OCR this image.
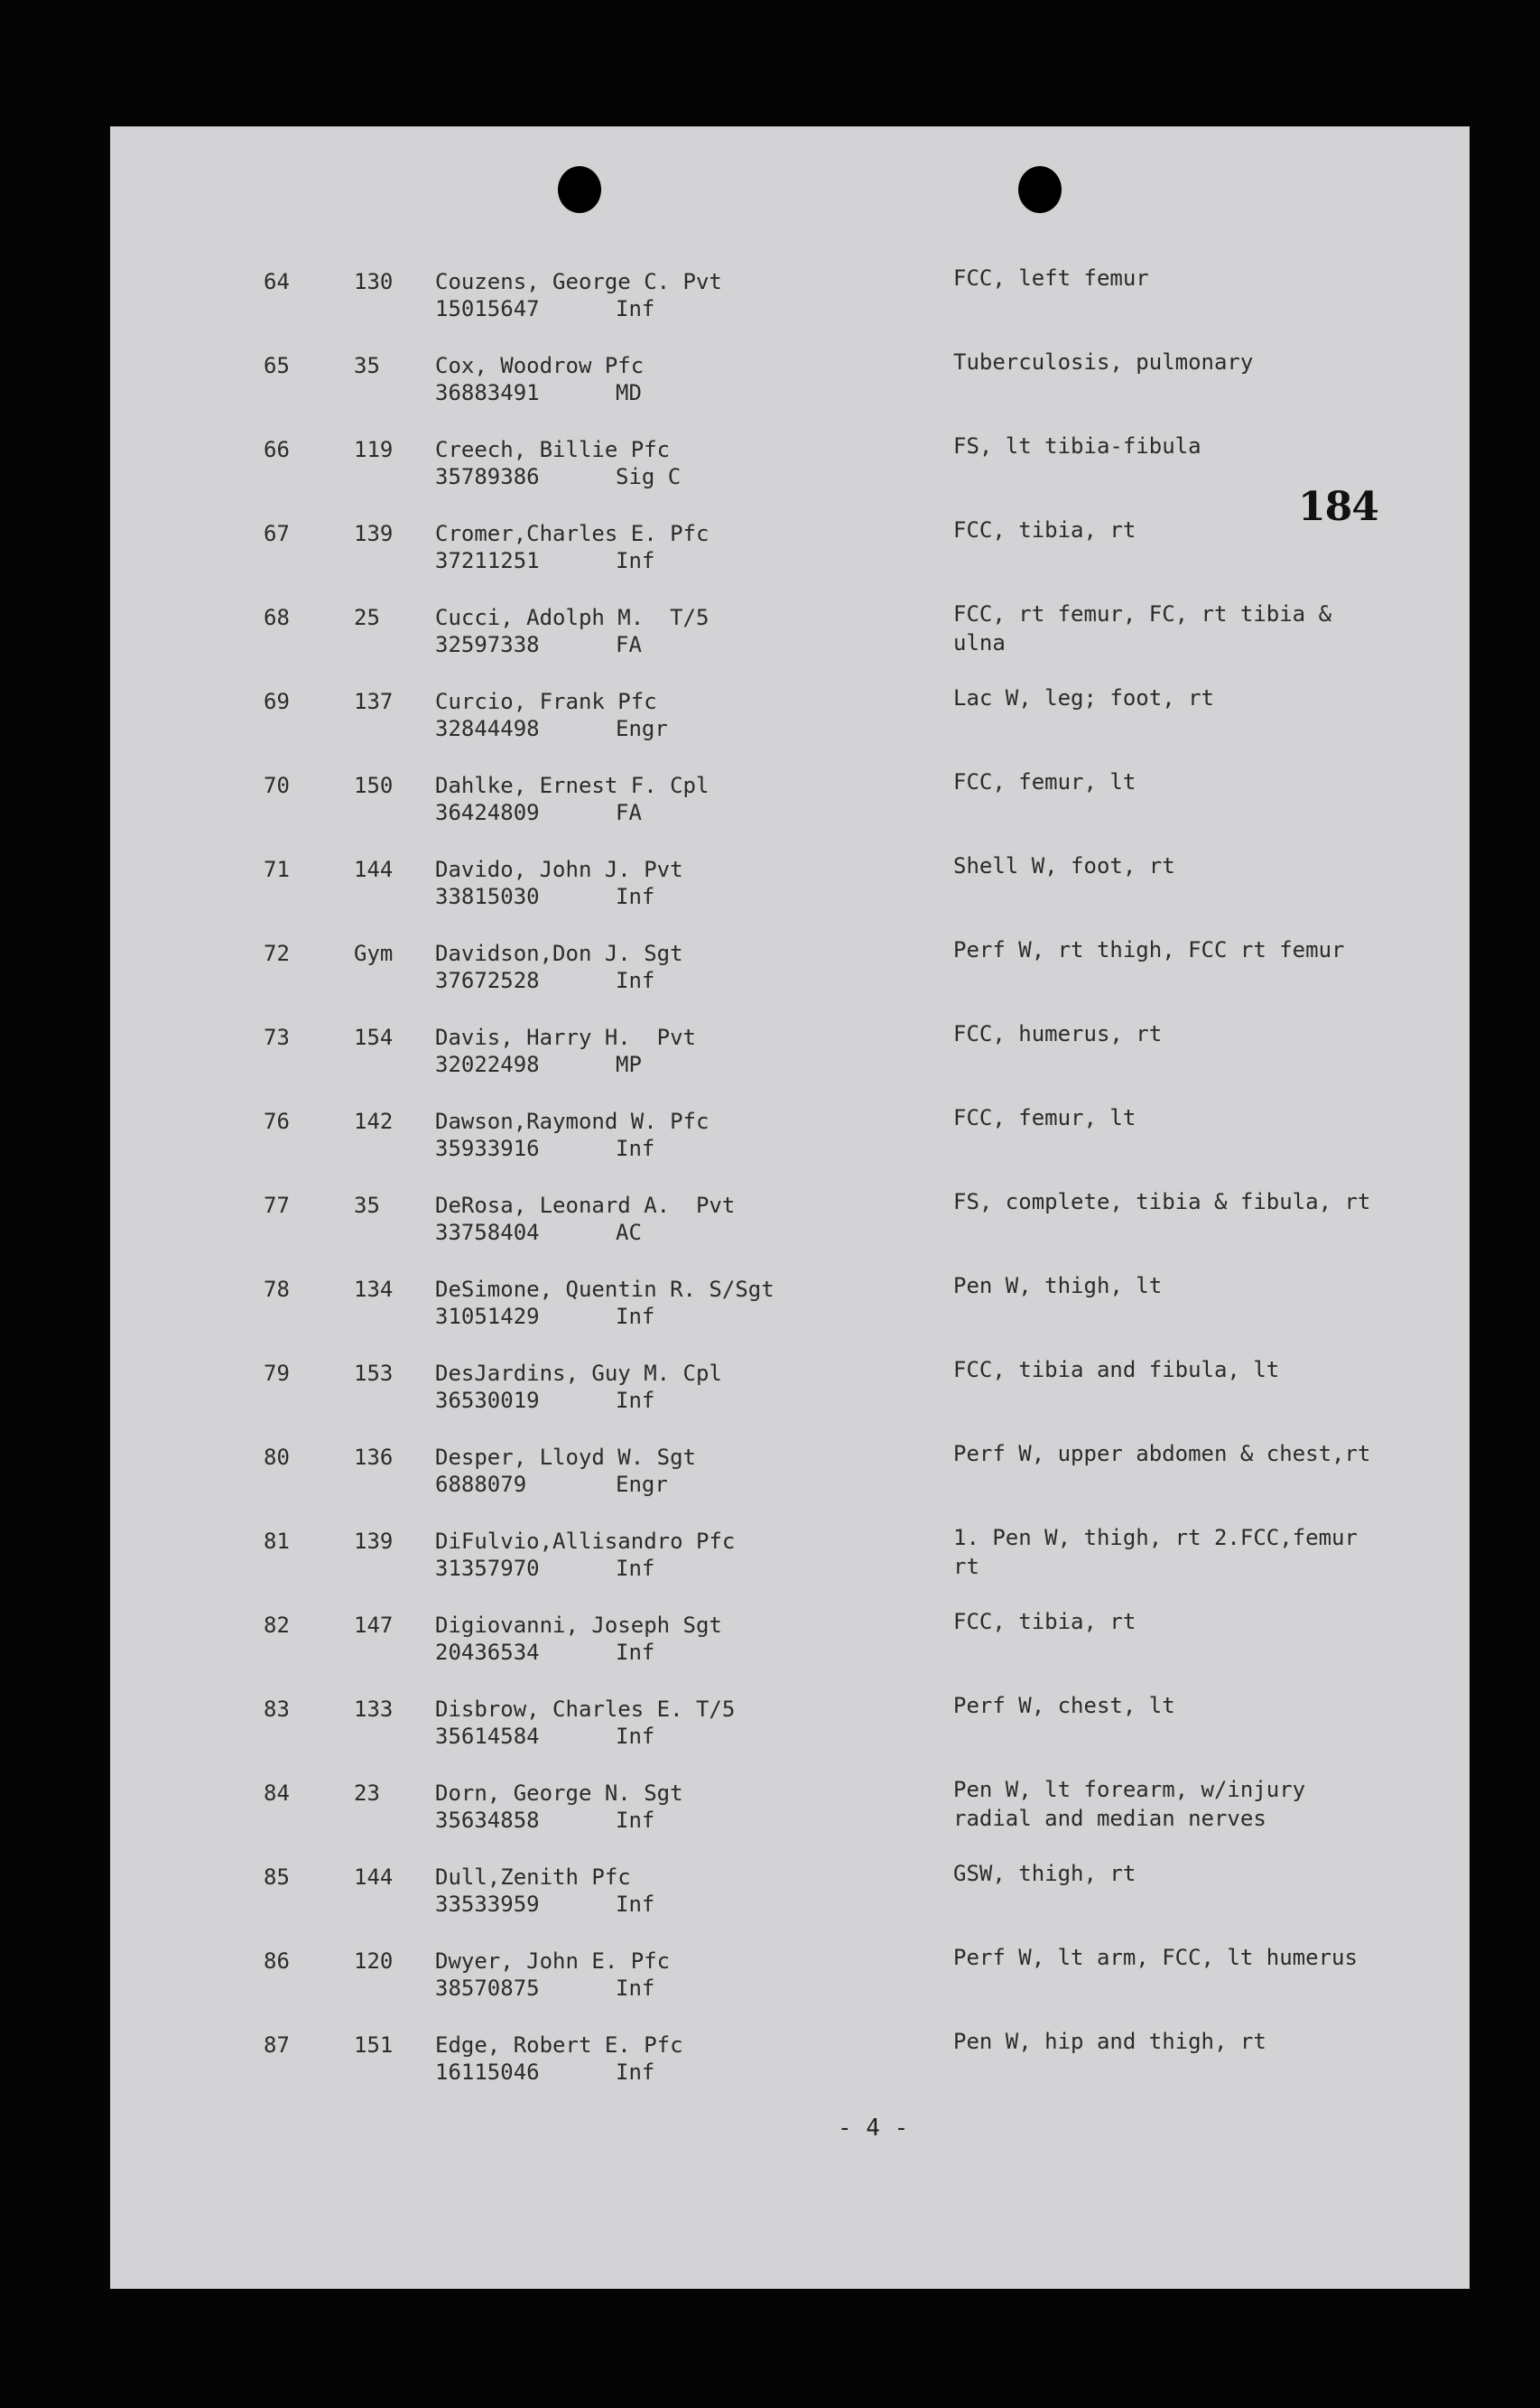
184
64	130 Couzens, George C. Pvt
15015647	Inf
FCC, left femur
65	35	Cox, Woodrow Pfc
36883491	MD
Tuberculosis, pulmonary
66	119 Creech, Billie Pfc
35789386	Sig C
FS, lt tibia-fibula
67	139 Cromer,Charles E. Pfc
37211251	Inf
FCC, tibia, rt
68	25	Cucci, Adolph M.  T/5
32597338	FA
FCC, rt femur, FC, rt tibia &
ulna
69	137 Curcio, Frank Pfc
32844498	Engr
Lac W, leg; foot, rt
70	150 Dahlke, Ernest F. Cpl
36424809	FA
FCC, femur, lt
71	144 Davido, John J. Pvt
33815030	Inf
Shell W, foot, rt
72	Gym Davidson,Don J. Sgt
37672528	Inf
Perf W, rt thigh, FCC rt femur
73	154 Davis, Harry H.  Pvt
32022498	MP
FCC, humerus, rt
76	142 Dawson,Raymond W. Pfc
35933916	Inf
FCC, femur, lt
77	35	DeRosa, Leonard A.  Pvt
33758404	AC
FS, complete, tibia & fibula, rt
78	134 DeSimone, Quentin R. S/Sgt
31051429	Inf
Pen W, thigh, lt
79	153 DesJardins, Guy M. Cpl
36530019	Inf
FCC, tibia and fibula, lt
80	136 Desper, Lloyd W. Sgt
6888079	Engr
Perf W, upper abdomen & chest,rt
81	139 DiFulvio,Allisandro Pfc
31357970	Inf
1. Pen W, thigh, rt 2.FCC,femur
rt
82	147 Digiovanni, Joseph Sgt
20436534	Inf
FCC, tibia, rt
83	133 Disbrow, Charles E. T/5
35614584	Inf
Perf W, chest, lt
84	23	Dorn, George N. Sgt
35634858	Inf
Pen W, lt forearm, w/injury
radial and median nerves
85	144 Dull,Zenith Pfc
33533959	Inf
GSW, thigh, rt
86	120 Dwyer, John E. Pfc
38570875	Inf
Perf W, lt arm, FCC, lt humerus
87	151 Edge, Robert E. Pfc
16115046	Inf
Pen W, hip and thigh, rt
- 4 -
